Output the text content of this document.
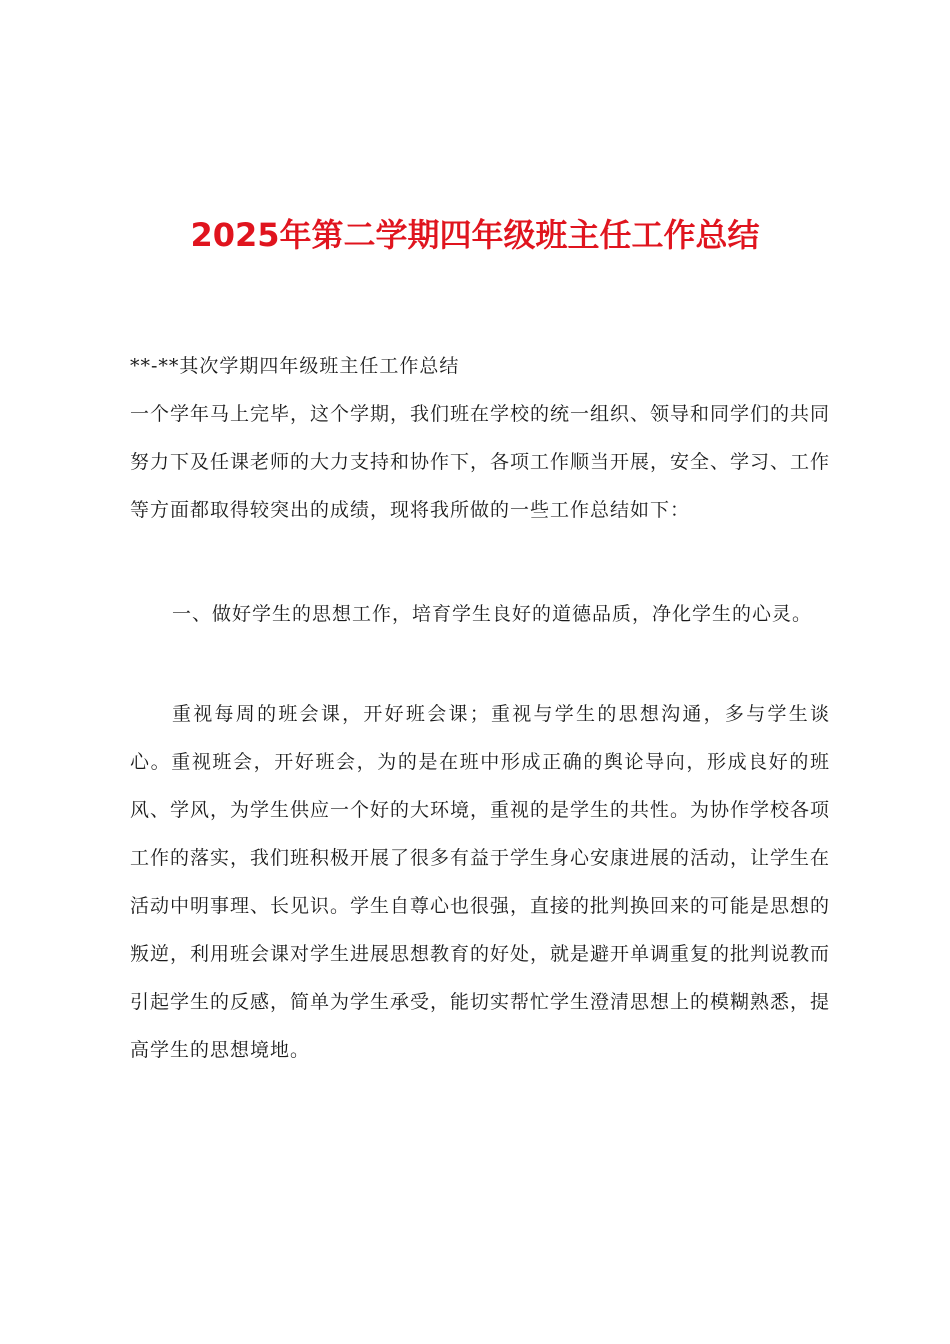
2025年第二学期四年级班主任工作总结

**-**其次学期四年级班主任工作总结

一个学年马上完毕，这个学期，我们班在学校的统一组织、领导和同学们的共同努力下及任课老师的大力支持和协作下，各项工作顺当开展，安全、学习、工作等方面都取得较突出的成绩，现将我所做的一些工作总结如下：

一、做好学生的思想工作，培育学生良好的道德品质，净化学生的心灵。

重视每周的班会课，开好班会课；重视与学生的思想沟通，多与学生谈心。重视班会，开好班会，为的是在班中形成正确的舆论导向，形成良好的班风、学风，为学生供应一个好的大环境，重视的是学生的共性。为协作学校各项工作的落实，我们班积极开展了很多有益于学生身心安康进展的活动，让学生在活动中明事理、长见识。学生自尊心也很强，直接的批判换回来的可能是思想的叛逆，利用班会课对学生进展思想教育的好处，就是避开单调重复的批判说教而引起学生的反感，简单为学生承受，能切实帮忙学生澄清思想上的模糊熟悉，提高学生的思想境地。
